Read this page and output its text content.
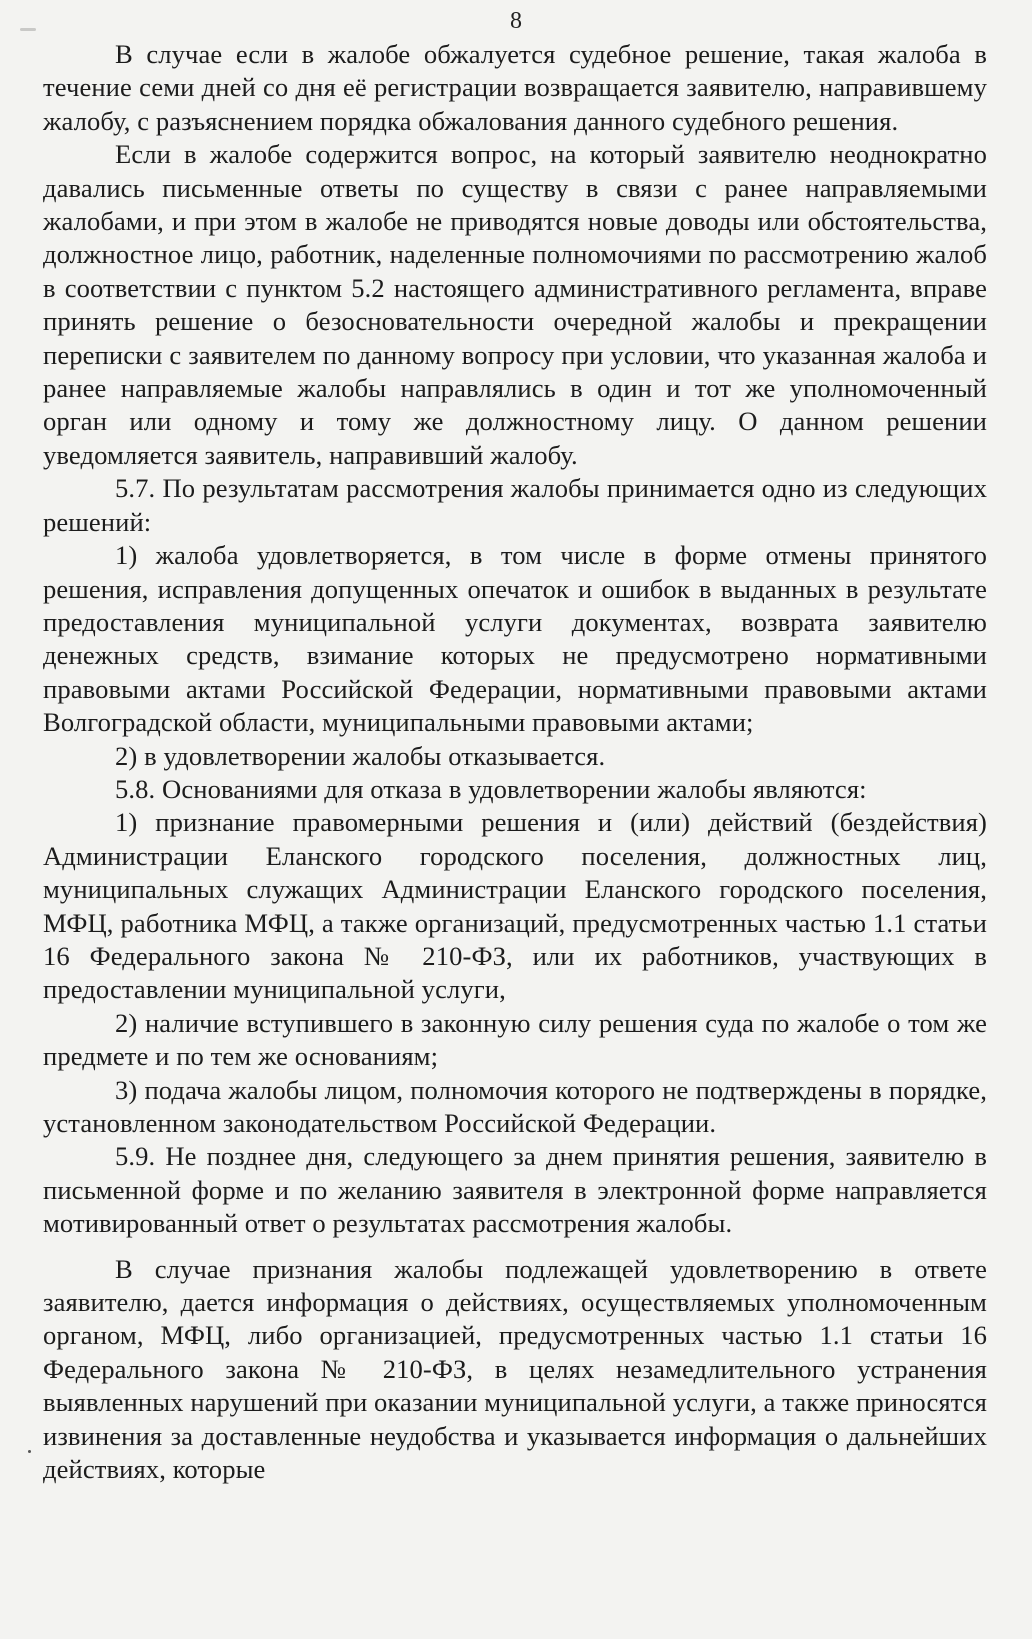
8

В случае если в жалобе обжалуется судебное решение, такая жалоба в течение семи дней со дня её регистрации возвращается заявителю, направившему жалобу, с разъяснением порядка обжалования данного судебного решения.

Если в жалобе содержится вопрос, на который заявителю неоднократно давались письменные ответы по существу в связи с ранее направляемыми жалобами, и при этом в жалобе не приводятся новые доводы или обстоятельства, должностное лицо, работник, наделенные полномочиями по рассмотрению жалоб в соответствии с пунктом 5.2 настоящего административного регламента, вправе принять решение о безосновательности очередной жалобы и прекращении переписки с заявителем по данному вопросу при условии, что указанная жалоба и ранее направляемые жалобы направлялись в один и тот же уполномоченный орган или одному и тому же должностному лицу. О данном решении уведомляется заявитель, направивший жалобу.

5.7. По результатам рассмотрения жалобы принимается одно из следующих решений:

1) жалоба удовлетворяется, в том числе в форме отмены принятого решения, исправления допущенных опечаток и ошибок в выданных в результате предоставления муниципальной услуги документах, возврата заявителю денежных средств, взимание которых не предусмотрено нормативными правовыми актами Российской Федерации, нормативными правовыми актами Волгоградской области, муниципальными правовыми актами;

2) в удовлетворении жалобы отказывается.

5.8. Основаниями для отказа в удовлетворении жалобы являются:

1) признание правомерными решения и (или) действий (бездействия) Администрации Еланского городского поселения, должностных лиц, муниципальных служащих Администрации Еланского городского поселения, МФЦ, работника МФЦ, а также организаций, предусмотренных частью 1.1 статьи 16 Федерального закона № 210-ФЗ, или их работников, участвующих в предоставлении муниципальной услуги,

2) наличие вступившего в законную силу решения суда по жалобе о том же предмете и по тем же основаниям;

3) подача жалобы лицом, полномочия которого не подтверждены в порядке, установленном законодательством Российской Федерации.

5.9. Не позднее дня, следующего за днем принятия решения, заявителю в письменной форме и по желанию заявителя в электронной форме направляется мотивированный ответ о результатах рассмотрения жалобы.

В случае признания жалобы подлежащей удовлетворению в ответе заявителю, дается информация о действиях, осуществляемых уполномоченным органом, МФЦ, либо организацией, предусмотренных частью 1.1 статьи 16 Федерального закона № 210-ФЗ, в целях незамедлительного устранения выявленных нарушений при оказании муниципальной услуги, а также приносятся извинения за доставленные неудобства и указывается информация о дальнейших действиях, которые
